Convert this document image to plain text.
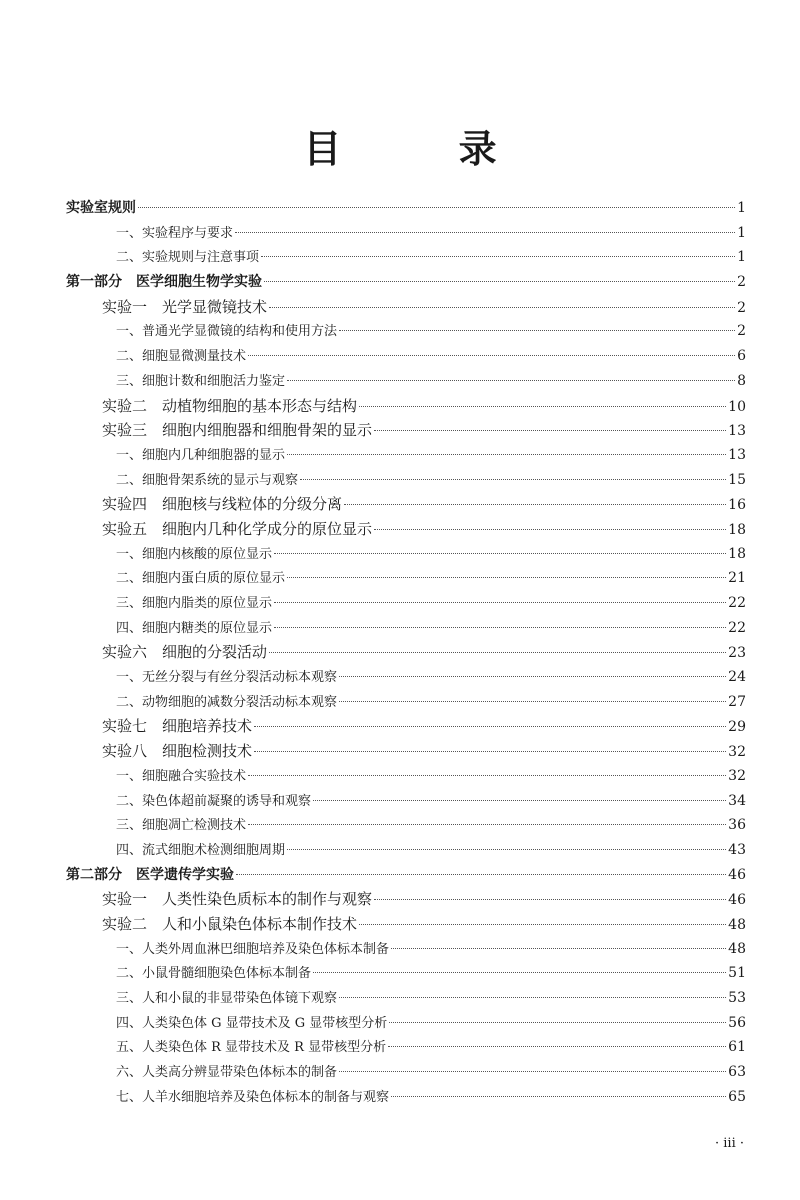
目 录
实验室规则	1
一、实验程序与要求	1
二、实验规则与注意事项	1
第一部分　医学细胞生物学实验	2
实验一　光学显微镜技术	2
一、普通光学显微镜的结构和使用方法	2
二、细胞显微测量技术	6
三、细胞计数和细胞活力鉴定	8
实验二　动植物细胞的基本形态与结构	10
实验三　细胞内细胞器和细胞骨架的显示	13
一、细胞内几种细胞器的显示	13
二、细胞骨架系统的显示与观察	15
实验四　细胞核与线粒体的分级分离	16
实验五　细胞内几种化学成分的原位显示	18
一、细胞内核酸的原位显示	18
二、细胞内蛋白质的原位显示	21
三、细胞内脂类的原位显示	22
四、细胞内糖类的原位显示	22
实验六　细胞的分裂活动	23
一、无丝分裂与有丝分裂活动标本观察	24
二、动物细胞的减数分裂活动标本观察	27
实验七　细胞培养技术	29
实验八　细胞检测技术	32
一、细胞融合实验技术	32
二、染色体超前凝聚的诱导和观察	34
三、细胞凋亡检测技术	36
四、流式细胞术检测细胞周期	43
第二部分　医学遗传学实验	46
实验一　人类性染色质标本的制作与观察	46
实验二　人和小鼠染色体标本制作技术	48
一、人类外周血淋巴细胞培养及染色体标本制备	48
二、小鼠骨髓细胞染色体标本制备	51
三、人和小鼠的非显带染色体镜下观察	53
四、人类染色体 G 显带技术及 G 显带核型分析	56
五、人类染色体 R 显带技术及 R 显带核型分析	61
六、人类高分辨显带染色体标本的制备	63
七、人羊水细胞培养及染色体标本的制备与观察	65
· iii ·
